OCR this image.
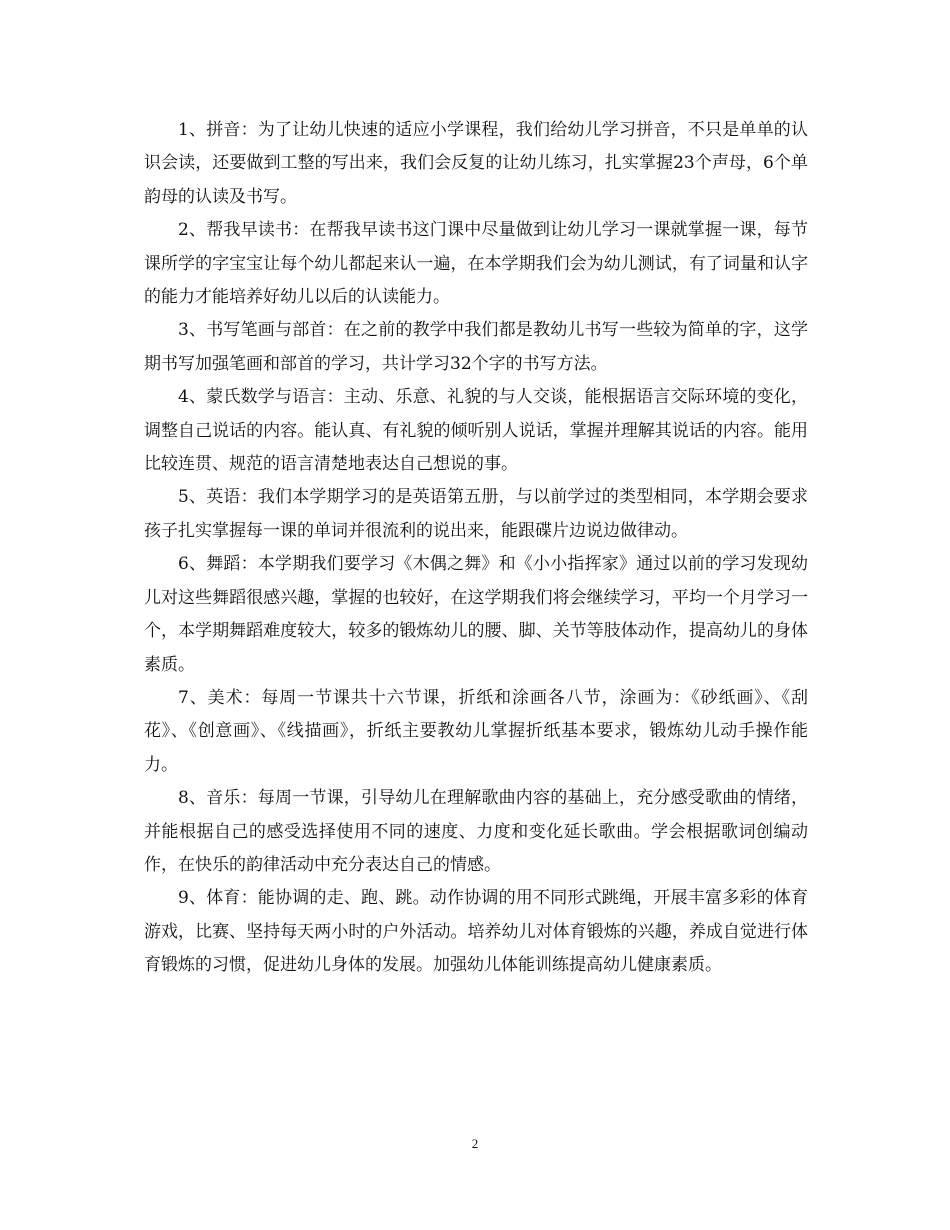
1、拼音：为了让幼儿快速的适应小学课程，我们给幼儿学习拼音，不只是单单的认识会读，还要做到工整的写出来，我们会反复的让幼儿练习，扎实掌握23个声母，6个单韵母的认读及书写。

2、帮我早读书：在帮我早读书这门课中尽量做到让幼儿学习一课就掌握一课，每节课所学的字宝宝让每个幼儿都起来认一遍，在本学期我们会为幼儿测试，有了词量和认字的能力才能培养好幼儿以后的认读能力。

3、书写笔画与部首：在之前的教学中我们都是教幼儿书写一些较为简单的字，这学期书写加强笔画和部首的学习，共计学习32个字的书写方法。

4、蒙氏数学与语言：主动、乐意、礼貌的与人交谈，能根据语言交际环境的变化，调整自己说话的内容。能认真、有礼貌的倾听别人说话，掌握并理解其说话的内容。能用比较连贯、规范的语言清楚地表达自己想说的事。

5、英语：我们本学期学习的是英语第五册，与以前学过的类型相同，本学期会要求孩子扎实掌握每一课的单词并很流利的说出来，能跟碟片边说边做律动。

6、舞蹈：本学期我们要学习《木偶之舞》和《小小指挥家》通过以前的学习发现幼儿对这些舞蹈很感兴趣，掌握的也较好，在这学期我们将会继续学习，平均一个月学习一个，本学期舞蹈难度较大，较多的锻炼幼儿的腰、脚、关节等肢体动作，提高幼儿的身体素质。

7、美术：每周一节课共十六节课，折纸和涂画各八节，涂画为：《砂纸画》、《刮花》、《创意画》、《线描画》，折纸主要教幼儿掌握折纸基本要求，锻炼幼儿动手操作能力。

8、音乐：每周一节课，引导幼儿在理解歌曲内容的基础上，充分感受歌曲的情绪，并能根据自己的感受选择使用不同的速度、力度和变化延长歌曲。学会根据歌词创编动作，在快乐的韵律活动中充分表达自己的情感。

9、体育：能协调的走、跑、跳。动作协调的用不同形式跳绳，开展丰富多彩的体育游戏，比赛、坚持每天两小时的户外活动。培养幼儿对体育锻炼的兴趣，养成自觉进行体育锻炼的习惯，促进幼儿身体的发展。加强幼儿体能训练提高幼儿健康素质。

2
